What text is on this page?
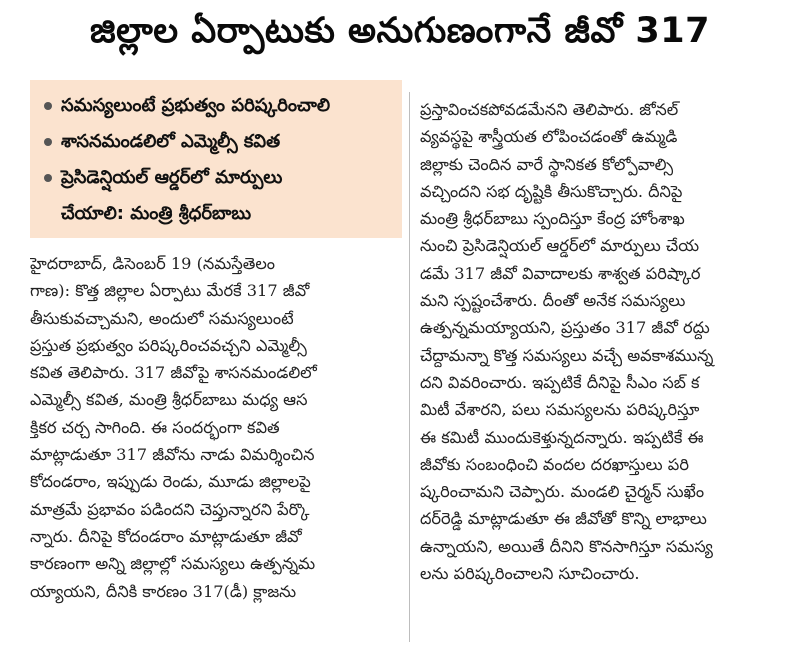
జిల్లాల ఏర్పాటుకు అనుగుణంగానే జీవో 317
సమస్యలుంటే ప్రభుత్వం పరిష్కరించాలి
శాసనమండలిలో ఎమ్మెల్సీ కవిత
ప్రెసిడెన్షియల్ ఆర్డర్‌లో మార్పులు
చేయాలి: మంత్రి శ్రీధర్‌బాబు
హైదరాబాద్, డిసెంబర్ 19 (నమస్తేతెలం
గాణ): కొత్త జిల్లాల ఏర్పాటు మేరకే 317 జీవో
తీసుకువచ్చామని, అందులో సమస్యలుంటే
ప్రస్తుత ప్రభుత్వం పరిష్కరించవచ్చని ఎమ్మెల్సీ
కవిత తెలిపారు. 317 జీవోపై శాసనమండలిలో
ఎమ్మెల్సీ కవిత, మంత్రి శ్రీధర్‌బాబు మధ్య ఆస
క్తికర చర్చ సాగింది. ఈ సందర్భంగా కవిత
మాట్లాడుతూ 317 జీవోను నాడు విమర్శించిన
కోదండరాం, ఇప్పుడు రెండు, మూడు జిల్లాలపై
మాత్రమే ప్రభావం పడిందని చెప్తున్నారని పేర్కొ
న్నారు. దీనిపై కోదండరాం మాట్లాడుతూ జీవో
కారణంగా అన్ని జిల్లాల్లో సమస్యలు ఉత్పన్నమ
య్యాయని, దీనికి కారణం 317(డీ) క్లాజను
ప్రస్తావించకపోవడమేనని తెలిపారు. జోనల్
వ్యవస్థపై శాస్త్రీయత లోపించడంతో ఉమ్మడి
జిల్లాకు చెందిన వారే స్థానికత కోల్పోవాల్సి
వచ్చిందని సభ దృష్టికి తీసుకొచ్చారు. దీనిపై
మంత్రి శ్రీధర్‌బాబు స్పందిస్తూ కేంద్ర హోంశాఖ
నుంచి ప్రెసిడెన్షియల్ ఆర్డర్‌లో మార్పులు చేయ
డమే 317 జీవో వివాదాలకు శాశ్వత పరిష్కార
మని స్పష్టంచేశారు. దీంతో అనేక సమస్యలు
ఉత్పన్నమయ్యాయని, ప్రస్తుతం 317 జీవో రద్దు
చేద్దామన్నా కొత్త సమస్యలు వచ్చే అవకాశమున్న
దని వివరించారు. ఇప్పటికే దీనిపై సీఎం సబ్ క
మిటీ వేశారని, పలు సమస్యలను పరిష్కరిస్తూ
ఈ కమిటీ ముందుకెళ్తున్నదన్నారు. ఇప్పటికే ఈ
జీవోకు సంబంధించి వందల దరఖాస్తులు పరి
ష్కరించామని చెప్పారు. మండలి చైర్మన్ సుఖేం
దర్‌రెడ్డి మాట్లాడుతూ ఈ జీవోతో కొన్ని లాభాలు
ఉన్నాయని, అయితే దీనిని కొనసాగిస్తూ సమస్య
లను పరిష్కరించాలని సూచించారు.
